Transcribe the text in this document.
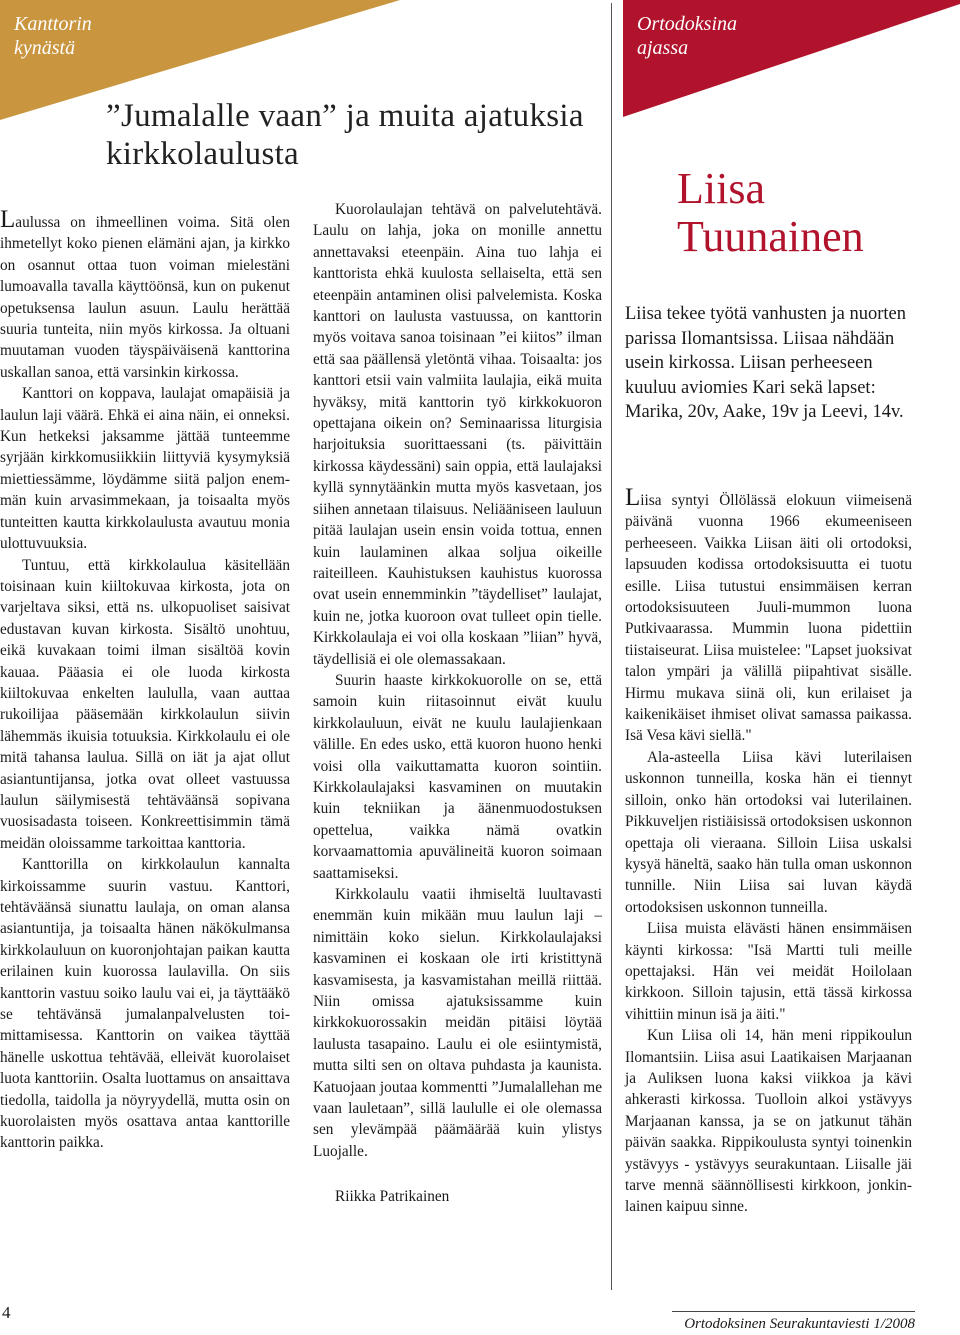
Kanttorin
kynästä
Ortodoksina
ajassa
”Jumalalle vaan” ja muita ajatuksia kirkkolaulusta

Laulussa on ihmeellinen voima. Sitä olen ihmetellyt koko pienen elämäni ajan, ja kirkko on osannut ottaa tuon voiman mielestäni lumoavalla tavalla käyttöönsä, kun on pukenut opetuksensa laulun asuun. Laulu herättää suuria tunteita, niin myös kirkossa. Ja oltuani muutaman vuoden täyspäiväisenä kanttorina uskallan sanoa, että varsinkin kirkossa.

Kanttori on koppava, laulajat omapäisiä ja laulun laji väärä. Ehkä ei aina näin, ei onneksi. Kun hetkeksi jaksamme jättää tunteemme syrjään kirkkomusiikkiin liittyviä kysymyksiä miettiessämme, löydämme siitä paljon enemmän kuin arvasimmekaan, ja toisaalta myös tunteitten kautta kirkkolaulusta avautuu monia ulottuvuuksia.

Tuntuu, että kirkkolaulua käsitellään toisinaan kuin kiiltokuvaa kirkosta, jota on varjeltava siksi, että ns. ulkopuoliset saisivat edustavan kuvan kirkosta. Sisältö unohtuu, eikä kuvakaan toimi ilman sisältöä kovin kauaa. Pääasia ei ole luoda kirkosta kiiltokuvaa enkelten laululla, vaan auttaa rukoilijaa pääsemään kirkkolaulun siivin lähemmäs ikuisia totuuksia. Kirkkolaulu ei ole mitä tahansa laulua. Sillä on iät ja ajat ollut asiantuntijansa, jotka ovat olleet vastuussa laulun säilymisestä tehtäväänsä sopivana vuosisadasta toiseen. Konkreettisimmin tämä meidän oloissamme tarkoittaa kanttoria.

Kanttorilla on kirkkolaulun kannalta kirkoissamme suurin vastuu. Kanttori, tehtäväänsä siunattu laulaja, on oman alansa asiantuntija, ja toisaalta hänen näkökulmansa kirkkolauluun on kuoronjohtajan paikan kautta erilainen kuin kuorossa laulavilla. On siis kanttorin vastuu soiko laulu vai ei, ja täyttääkö se tehtävänsä jumalanpalvelusten toimittamisessa. Kanttorin on vaikea täyttää hänelle uskottua tehtävää, elleivät kuorolaiset luota kanttoriin. Osalta luottamus on ansaittava tiedolla, taidolla ja nöyryydellä, mutta osin on kuorolaisten myös osattava antaa kanttorille kanttorin paikka.

Kuorolaulajan tehtävä on palvelutehtävä. Laulu on lahja, joka on monille annettu annettavaksi eteenpäin. Aina tuo lahja ei kanttorista ehkä kuulosta sellaiselta, että sen eteenpäin antaminen olisi palvelemista. Koska kanttori on laulusta vastuussa, on kanttorin myös voitava sanoa toisinaan ”ei kiitos” ilman että saa päällensä yletöntä vihaa. Toisaalta: jos kanttori etsii vain valmiita laulajia, eikä muita hyväksy, mitä kanttorin työ kirkkokuoron opettajana oikein on? Seminaarissa liturgisia harjoituksia suorittaessani (ts. päivittäin kirkossa käydessäni) sain oppia, että laulajaksi kyllä synnytäänkin mutta myös kasvetaan, jos siihen annetaan tilaisuus. Neliääniseen lauluun pitää laulajan usein ensin voida tottua, ennen kuin laulaminen alkaa soljua oikeille raiteilleen. Kauhistuksen kauhistus kuorossa ovat usein ennemminkin ”täydelliset” laulajat, kuin ne, jotka kuoroon ovat tulleet opin tielle. Kirkkolaulaja ei voi olla koskaan ”liian” hyvä, täydellisiä ei ole olemassakaan.

Suurin haaste kirkkokuorolle on se, että samoin kuin riitasoinnut eivät kuulu kirkkolauluun, eivät ne kuulu laulajienkaan välille. En edes usko, että kuoron huono henki voisi olla vaikuttamatta kuoron sointiin. Kirkkolaulajaksi kasvaminen on muutakin kuin tekniikan ja äänenmuodostuksen opettelua, vaikka nämä ovatkin korvaamattomia apuvälineitä kuoron soimaan saattamiseksi.

Kirkkolaulu vaatii ihmiseltä luultavasti enemmän kuin mikään muu laulun laji – nimittäin koko sielun. Kirkkolaulajaksi kasvaminen ei koskaan ole irti kristittynä kasvamisesta, ja kasvamistahan meillä riittää. Niin omissa ajatuksissamme kuin kirkkokuorossakin meidän pitäisi löytää laulusta tasapaino. Laulu ei ole esiintymistä, mutta silti sen on oltava puhdasta ja kaunista. Katuojaan joutaa kommentti ”Jumalallehan me vaan lauletaan”, sillä laululle ei ole olemassa sen ylevämpää päämäärää kuin ylistys Luojalle.

Riikka Patrikainen

Liisa
Tuunainen
Liisa tekee työtä vanhusten ja nuorten parissa Ilomantsissa. Liisaa nähdään usein kirkossa. Liisan perheeseen kuuluu aviomies Kari sekä lapset: Marika, 20v, Aake, 19v ja Leevi, 14v.

Liisa syntyi Öllölässä elokuun viimeisenä päivänä vuonna 1966 ekumeeniseen perheeseen. Vaikka Liisan äiti oli ortodoksi, lapsuuden kodissa ortodoksisuutta ei tuotu esille. Liisa tutustui ensimmäisen kerran ortodoksisuuteen Juuli-mummon luona Putkivaarassa. Mummin luona pidettiin tiistaiseurat. Liisa muistelee: "Lapset juoksivat talon ympäri ja välillä piipahtivat sisälle. Hirmu mukava siinä oli, kun erilaiset ja kaikenikäiset ihmiset olivat samassa paikassa. Isä Vesa kävi siellä."

Ala-asteella Liisa kävi luterilaisen uskonnon tunneilla, koska hän ei tiennyt silloin, onko hän ortodoksi vai luterilainen. Pikkuveljen ristiäisissä ortodoksisen uskonnon opettaja oli vieraana. Silloin Liisa uskalsi kysyä häneltä, saako hän tulla oman uskonnon tunnille. Niin Liisa sai luvan käydä ortodoksisen uskonnon tunneilla.

Liisa muista elävästi hänen ensimmäisen käynti kirkossa: "Isä Martti tuli meille opettajaksi. Hän vei meidät Hoilolaan kirkkoon. Silloin tajusin, että tässä kirkossa vihittiin minun isä ja äiti."

Kun Liisa oli 14, hän meni rippikoulun Ilomantsiin. Liisa asui Laatikaisen Marjaanan ja Auliksen luona kaksi viikkoa ja kävi ahkerasti kirkossa. Tuolloin alkoi ystävyys Marjaanan kanssa, ja se on jatkunut tähän päivän saakka. Rippikoulusta syntyi toinenkin ystävyys - ystävyys seurakuntaan. Liisalle jäi tarve mennä säännöllisesti kirkkoon, jonkinlainen kaipuu sinne.

4
Ortodoksinen Seurakuntaviesti 1/2008
